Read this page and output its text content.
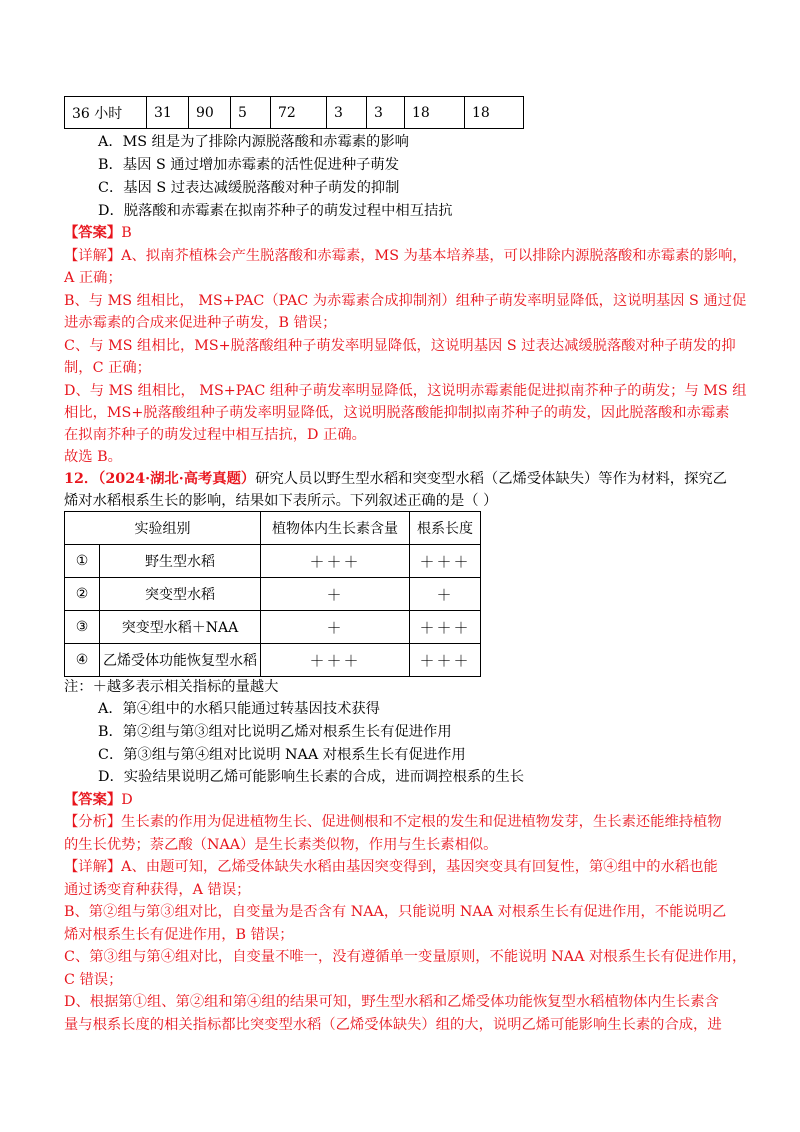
36 小时	31	90	5	72	3	3	18	18
A．MS 组是为了排除内源脱落酸和赤霉素的影响
B．基因 S 通过增加赤霉素的活性促进种子萌发
C．基因 S 过表达减缓脱落酸对种子萌发的抑制
D．脱落酸和赤霉素在拟南芥种子的萌发过程中相互拮抗
【答案】B
【详解】A、拟南芥植株会产生脱落酸和赤霉素，MS 为基本培养基，可以排除内源脱落酸和赤霉素的影响，
A 正确；
B、与 MS 组相比， MS+PAC（PAC 为赤霉素合成抑制剂）组种子萌发率明显降低，这说明基因 S 通过促
进赤霉素的合成来促进种子萌发，B 错误；
C、与 MS 组相比，MS+脱落酸组种子萌发率明显降低，这说明基因 S 过表达减缓脱落酸对种子萌发的抑
制，C 正确；
D、与 MS 组相比， MS+PAC 组种子萌发率明显降低，这说明赤霉素能促进拟南芥种子的萌发；与 MS 组
相比，MS+脱落酸组种子萌发率明显降低，这说明脱落酸能抑制拟南芥种子的萌发，因此脱落酸和赤霉素
在拟南芥种子的萌发过程中相互拮抗，D 正确。
故选 B。
12．（2024·湖北·高考真题）研究人员以野生型水稻和突变型水稻（乙烯受体缺失）等作为材料，探究乙
烯对水稻根系生长的影响，结果如下表所示。下列叙述正确的是（ ）
实验组别		植物体内生长素含量	根系长度
①	野生型水稻	＋＋＋	＋＋＋
②	突变型水稻	＋	＋
③	突变型水稻＋NAA	＋	＋＋＋
④	乙烯受体功能恢复型水稻	＋＋＋	＋＋＋
注：＋越多表示相关指标的量越大
A．第④组中的水稻只能通过转基因技术获得
B．第②组与第③组对比说明乙烯对根系生长有促进作用
C．第③组与第④组对比说明 NAA 对根系生长有促进作用
D．实验结果说明乙烯可能影响生长素的合成，进而调控根系的生长
【答案】D
【分析】生长素的作用为促进植物生长、促进侧根和不定根的发生和促进植物发芽，生长素还能维持植物
的生长优势；萘乙酸（NAA）是生长素类似物，作用与生长素相似。
【详解】A、由题可知，乙烯受体缺失水稻由基因突变得到，基因突变具有回复性，第④组中的水稻也能
通过诱变育种获得，A 错误；
B、第②组与第③组对比，自变量为是否含有 NAA，只能说明 NAA 对根系生长有促进作用，不能说明乙
烯对根系生长有促进作用，B 错误；
C、第③组与第④组对比，自变量不唯一，没有遵循单一变量原则，不能说明 NAA 对根系生长有促进作用，
C 错误；
D、根据第①组、第②组和第④组的结果可知，野生型水稻和乙烯受体功能恢复型水稻植物体内生长素含
量与根系长度的相关指标都比突变型水稻（乙烯受体缺失）组的大，说明乙烯可能影响生长素的合成，进
